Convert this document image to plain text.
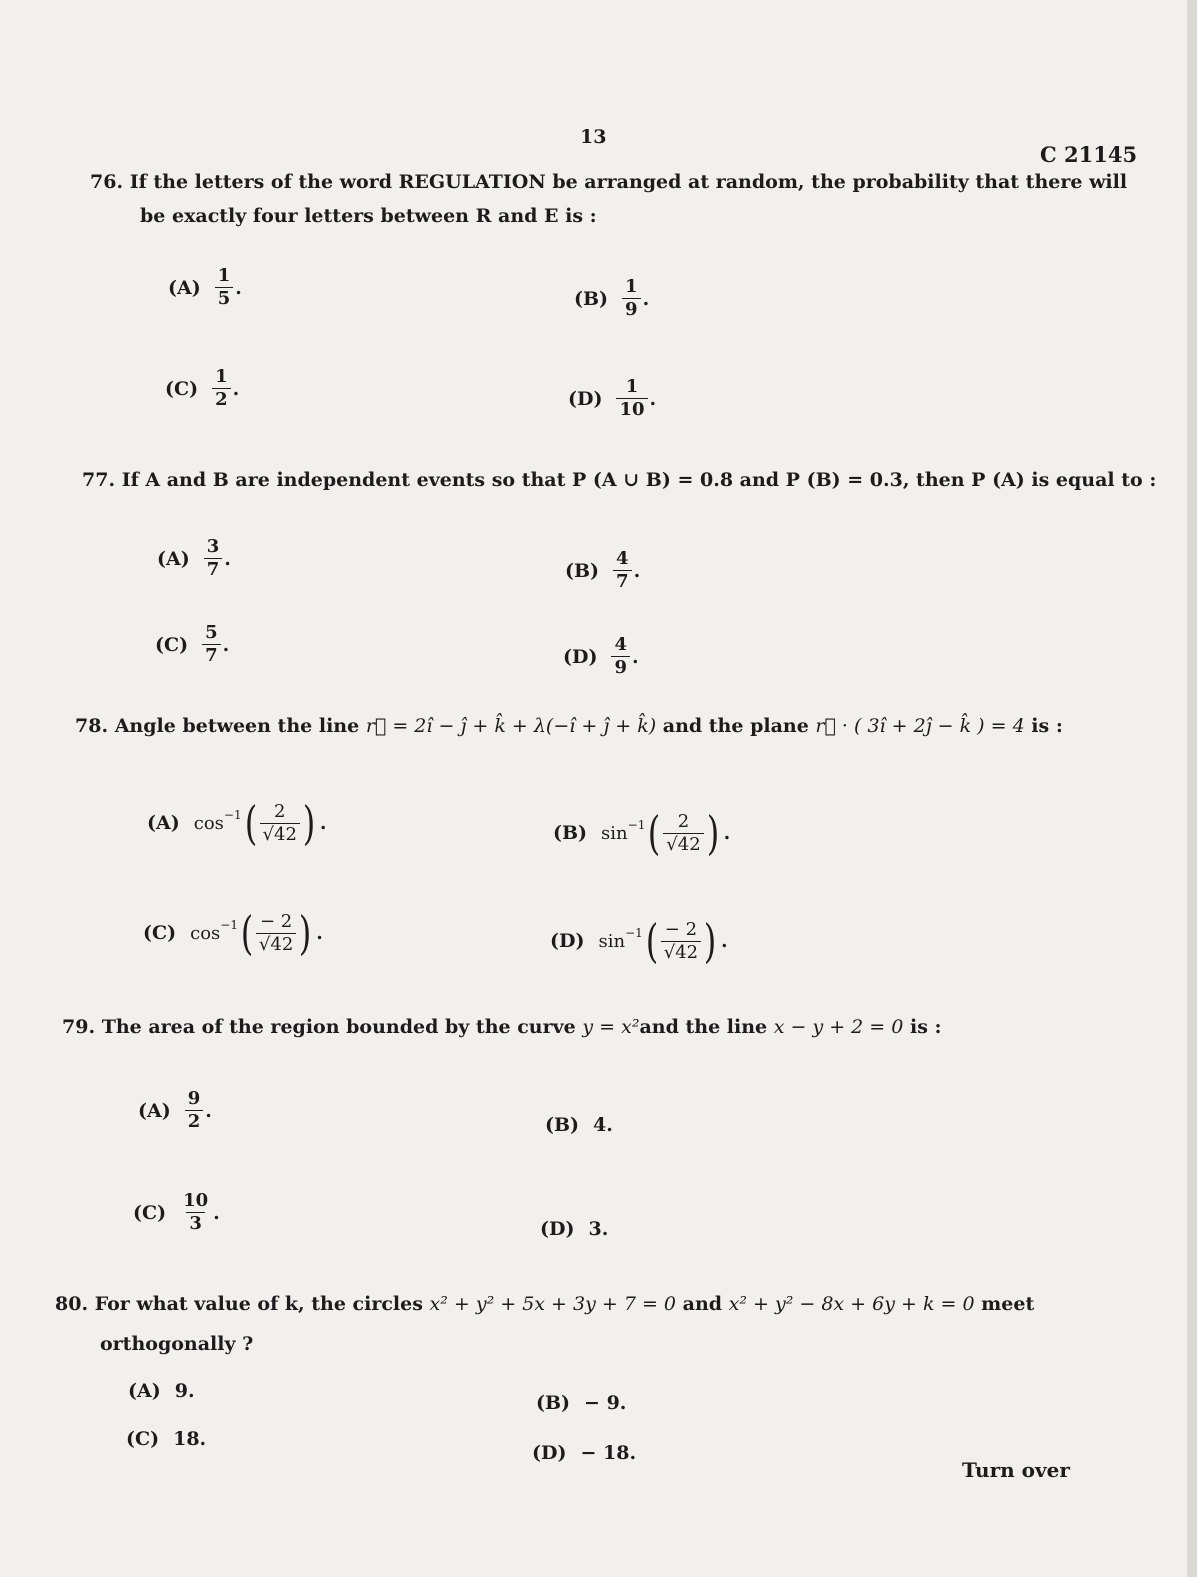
13
C 21145
76. If the letters of the word REGULATION be arranged at random, the probability that there will
be exactly four letters between R and E is :
$(A) \frac{1}{5}$ .	$(B) \frac{1}{9}$ .
$(C) \frac{1}{2}$ .	$(D) \frac{1}{10}$ .
77. If A and B are independent events so that P (A ∪ B) = 0.8 and P (B) = 0.3, then P (A) is equal to :
$(A) \frac{3}{7}$ .
$(B) \frac{4}{7}$ .
$(C) \frac{5}{7}$ .
$(D) \frac{4}{9}$ .
78. Angle between the line r⃗ = 2î − ĵ + k̂ + λ(−î + ĵ + k̂) and the plane r⃗ · ( 3î + 2ĵ − k̂ ) = 4 is :
(A) cos −1 ( $\frac{2}{√42}$ ) .	(B) sin −1 ( $\frac{2}{√42}$ ) .
(C) cos −1 ( $\frac{- 2}{√42}$ ) .	(D) sin −1 ( $\frac{- 2}{√42}$ ) .
79. The area of the region bounded by the curve y = x²and the line x − y + 2 = 0 is :
$(A) \frac{9}{2}$ .
(B) 4.
$(C) \frac{10}{3}$ .
(D) 3.
80. For what value of k, the circles x² + y² + 5x + 3y + 7 = 0 and x² + y² − 8x + 6y + k = 0 meet
orthogonally ?
(A) 9.
(B) − 9.
(C) 18.
(D) − 18.
Turn over
